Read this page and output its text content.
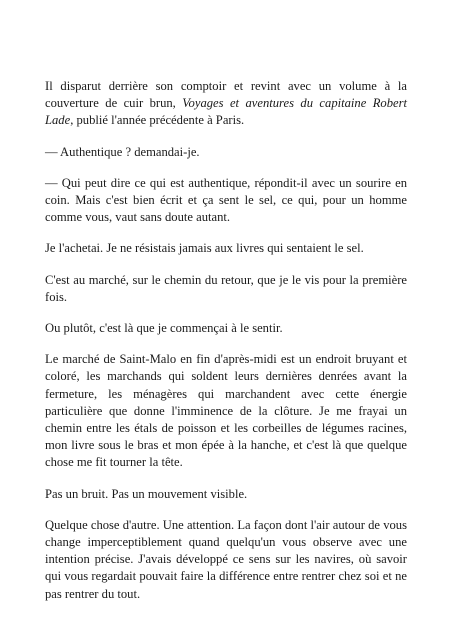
Il disparut derrière son comptoir et revint avec un volume à la couverture de cuir brun, Voyages et aventures du capitaine Robert Lade, publié l'année précédente à Paris.

— Authentique ? demandai-je.

— Qui peut dire ce qui est authentique, répondit-il avec un sourire en coin. Mais c'est bien écrit et ça sent le sel, ce qui, pour un homme comme vous, vaut sans doute autant.

Je l'achetai. Je ne résistais jamais aux livres qui sentaient le sel.

C'est au marché, sur le chemin du retour, que je le vis pour la première fois.

Ou plutôt, c'est là que je commençai à le sentir.

Le marché de Saint-Malo en fin d'après-midi est un endroit bruyant et coloré, les marchands qui soldent leurs dernières denrées avant la fermeture, les ménagères qui marchandent avec cette énergie particulière que donne l'imminence de la clôture. Je me frayai un chemin entre les étals de poisson et les corbeilles de légumes racines, mon livre sous le bras et mon épée à la hanche, et c'est là que quelque chose me fit tourner la tête.

Pas un bruit. Pas un mouvement visible.

Quelque chose d'autre. Une attention. La façon dont l'air autour de vous change imperceptiblement quand quelqu'un vous observe avec une intention précise. J'avais développé ce sens sur les navires, où savoir qui vous regardait pouvait faire la différence entre rentrer chez soi et ne pas rentrer du tout.
